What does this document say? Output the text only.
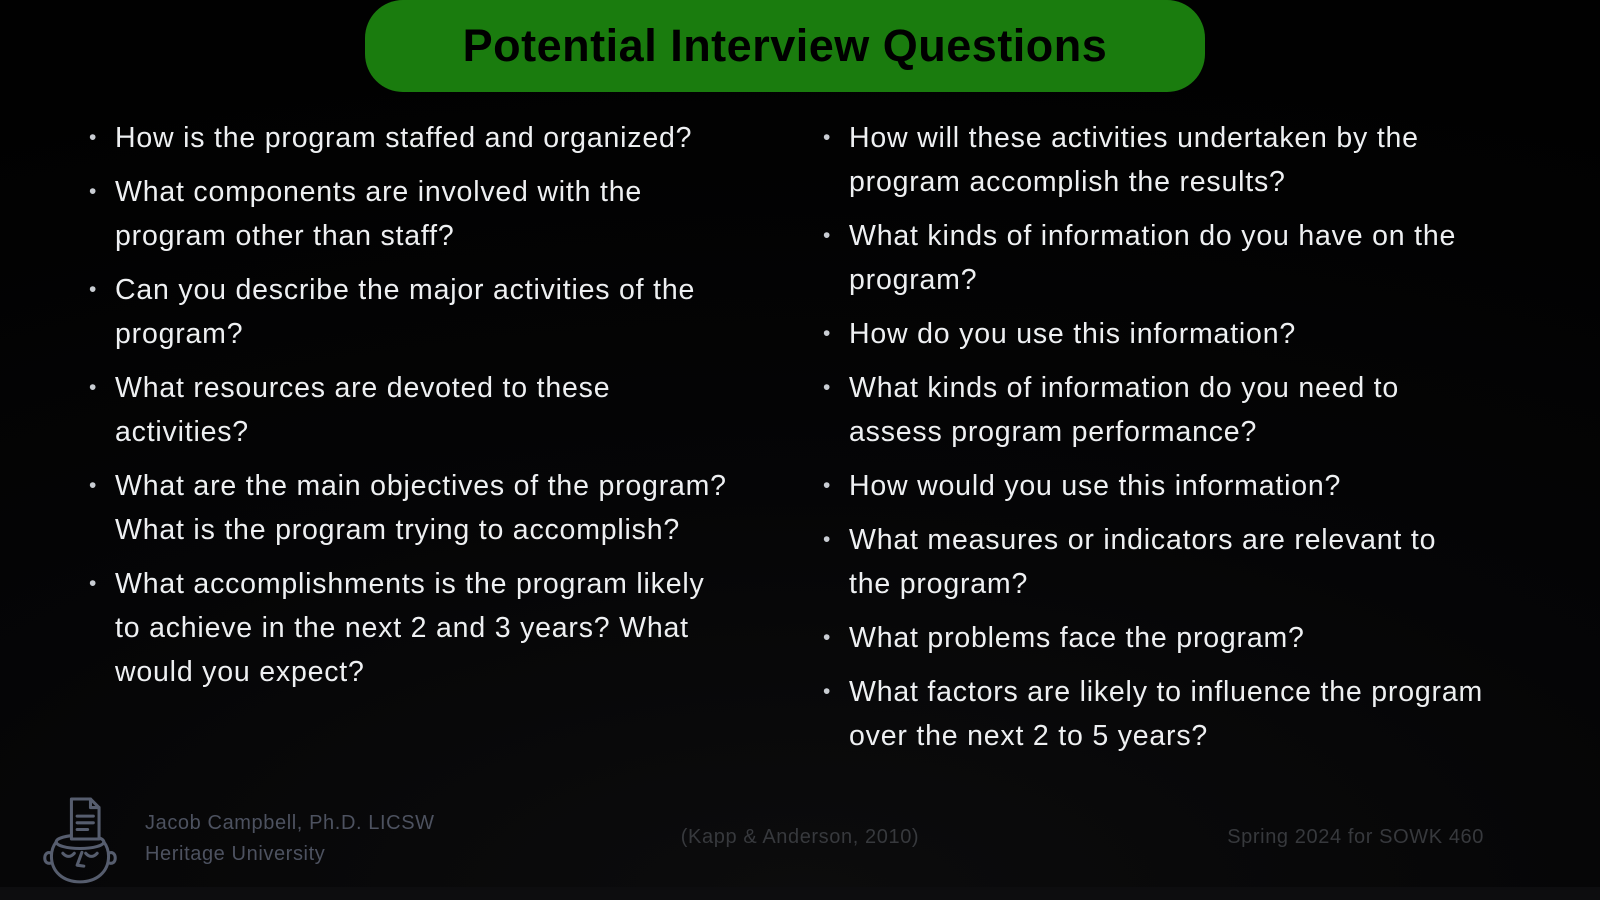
Potential Interview Questions
• How is the program staffed and organized?
• What components are involved with the program other than staff?
• Can you describe the major activities of the program?
• What resources are devoted to these activities?
• What are the main objectives of the program? What is the program trying to accomplish?
• What accomplishments is the program likely to achieve in the next 2 and 3 years? What would you expect?
• How will these activities undertaken by the program accomplish the results?
• What kinds of information do you have on the program?
• How do you use this information?
• What kinds of information do you need to assess program performance?
• How would you use this information?
• What measures or indicators are relevant to the program?
• What problems face the program?
• What factors are likely to influence the program over the next 2 to 5 years?
Jacob Campbell, Ph.D. LICSW
Heritage University
(Kapp & Anderson, 2010)	Spring 2024 for SOWK 460
